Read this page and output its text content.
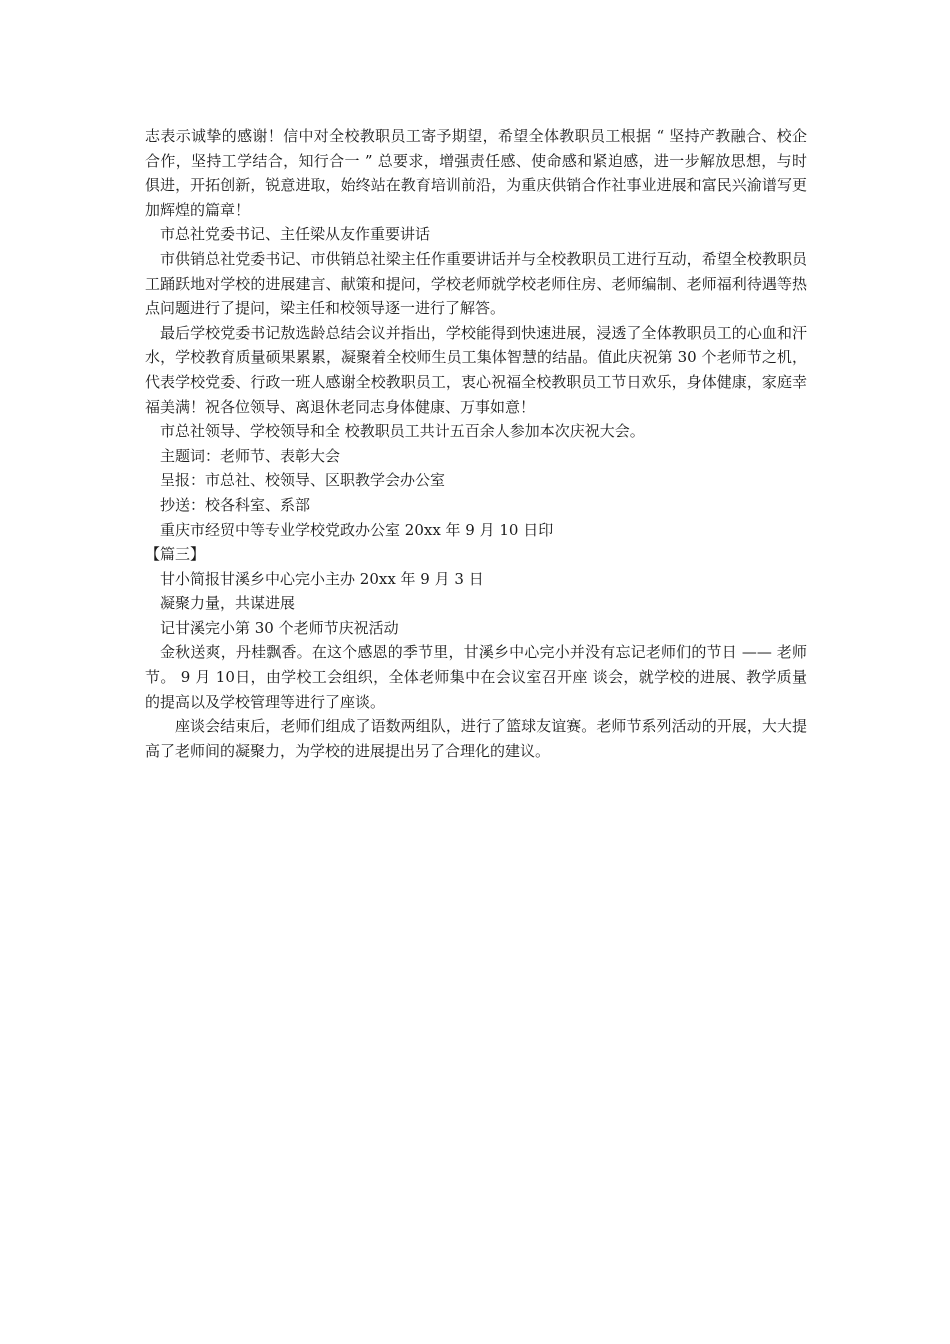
志表示诚挚的感谢！信中对全校教职员工寄予期望，希望全体教职员工根据 “ 坚持产教融合、校企合作，坚持工学结合，知行合一 ” 总要求，增强责任感、使命感和紧迫感，进一步解放思想，与时俱进，开拓创新，锐意进取，始终站在教育培训前沿，为重庆供销合作社事业进展和富民兴渝谱写更加辉煌的篇章！

市总社党委书记、主任梁从友作重要讲话

市供销总社党委书记、市供销总社梁主任作重要讲话并与全校教职员工进行互动，希望全校教职员工踊跃地对学校的进展建言、献策和提问，学校老师就学校老师住房、老师编制、老师福利待遇等热点问题进行了提问，梁主任和校领导逐一进行了解答。

最后学校党委书记敖选龄总结会议并指出，学校能得到快速进展，浸透了全体教职员工的心血和汗水，学校教育质量硕果累累，凝聚着全校师生员工集体智慧的结晶。值此庆祝第 30 个老师节之机，代表学校党委、行政一班人感谢全校教职员工，衷心祝福全校教职员工节日欢乐，身体健康，家庭幸福美满！祝各位领导、离退休老同志身体健康、万事如意！

市总社领导、学校领导和全 校教职员工共计五百余人参加本次庆祝大会。

主题词：老师节、表彰大会

呈报：市总社、校领导、区职教学会办公室

抄送：校各科室、系部

重庆市经贸中等专业学校党政办公室 20xx 年 9 月 10 日印

【篇三】

甘小简报甘溪乡中心完小主办 20xx 年 9 月 3 日

凝聚力量，共谋进展

记甘溪完小第 30 个老师节庆祝活动

金秋送爽，丹桂飘香。在这个感恩的季节里，甘溪乡中心完小并没有忘记老师们的节日 —— 老师节。 9 月 10日，由学校工会组织，全体老师集中在会议室召开座 谈会，就学校的进展、教学质量的提高以及学校管理等进行了座谈。

座谈会结束后，老师们组成了语数两组队，进行了篮球友谊赛。老师节系列活动的开展，大大提高了老师间的凝聚力，为学校的进展提出另了合理化的建议。
